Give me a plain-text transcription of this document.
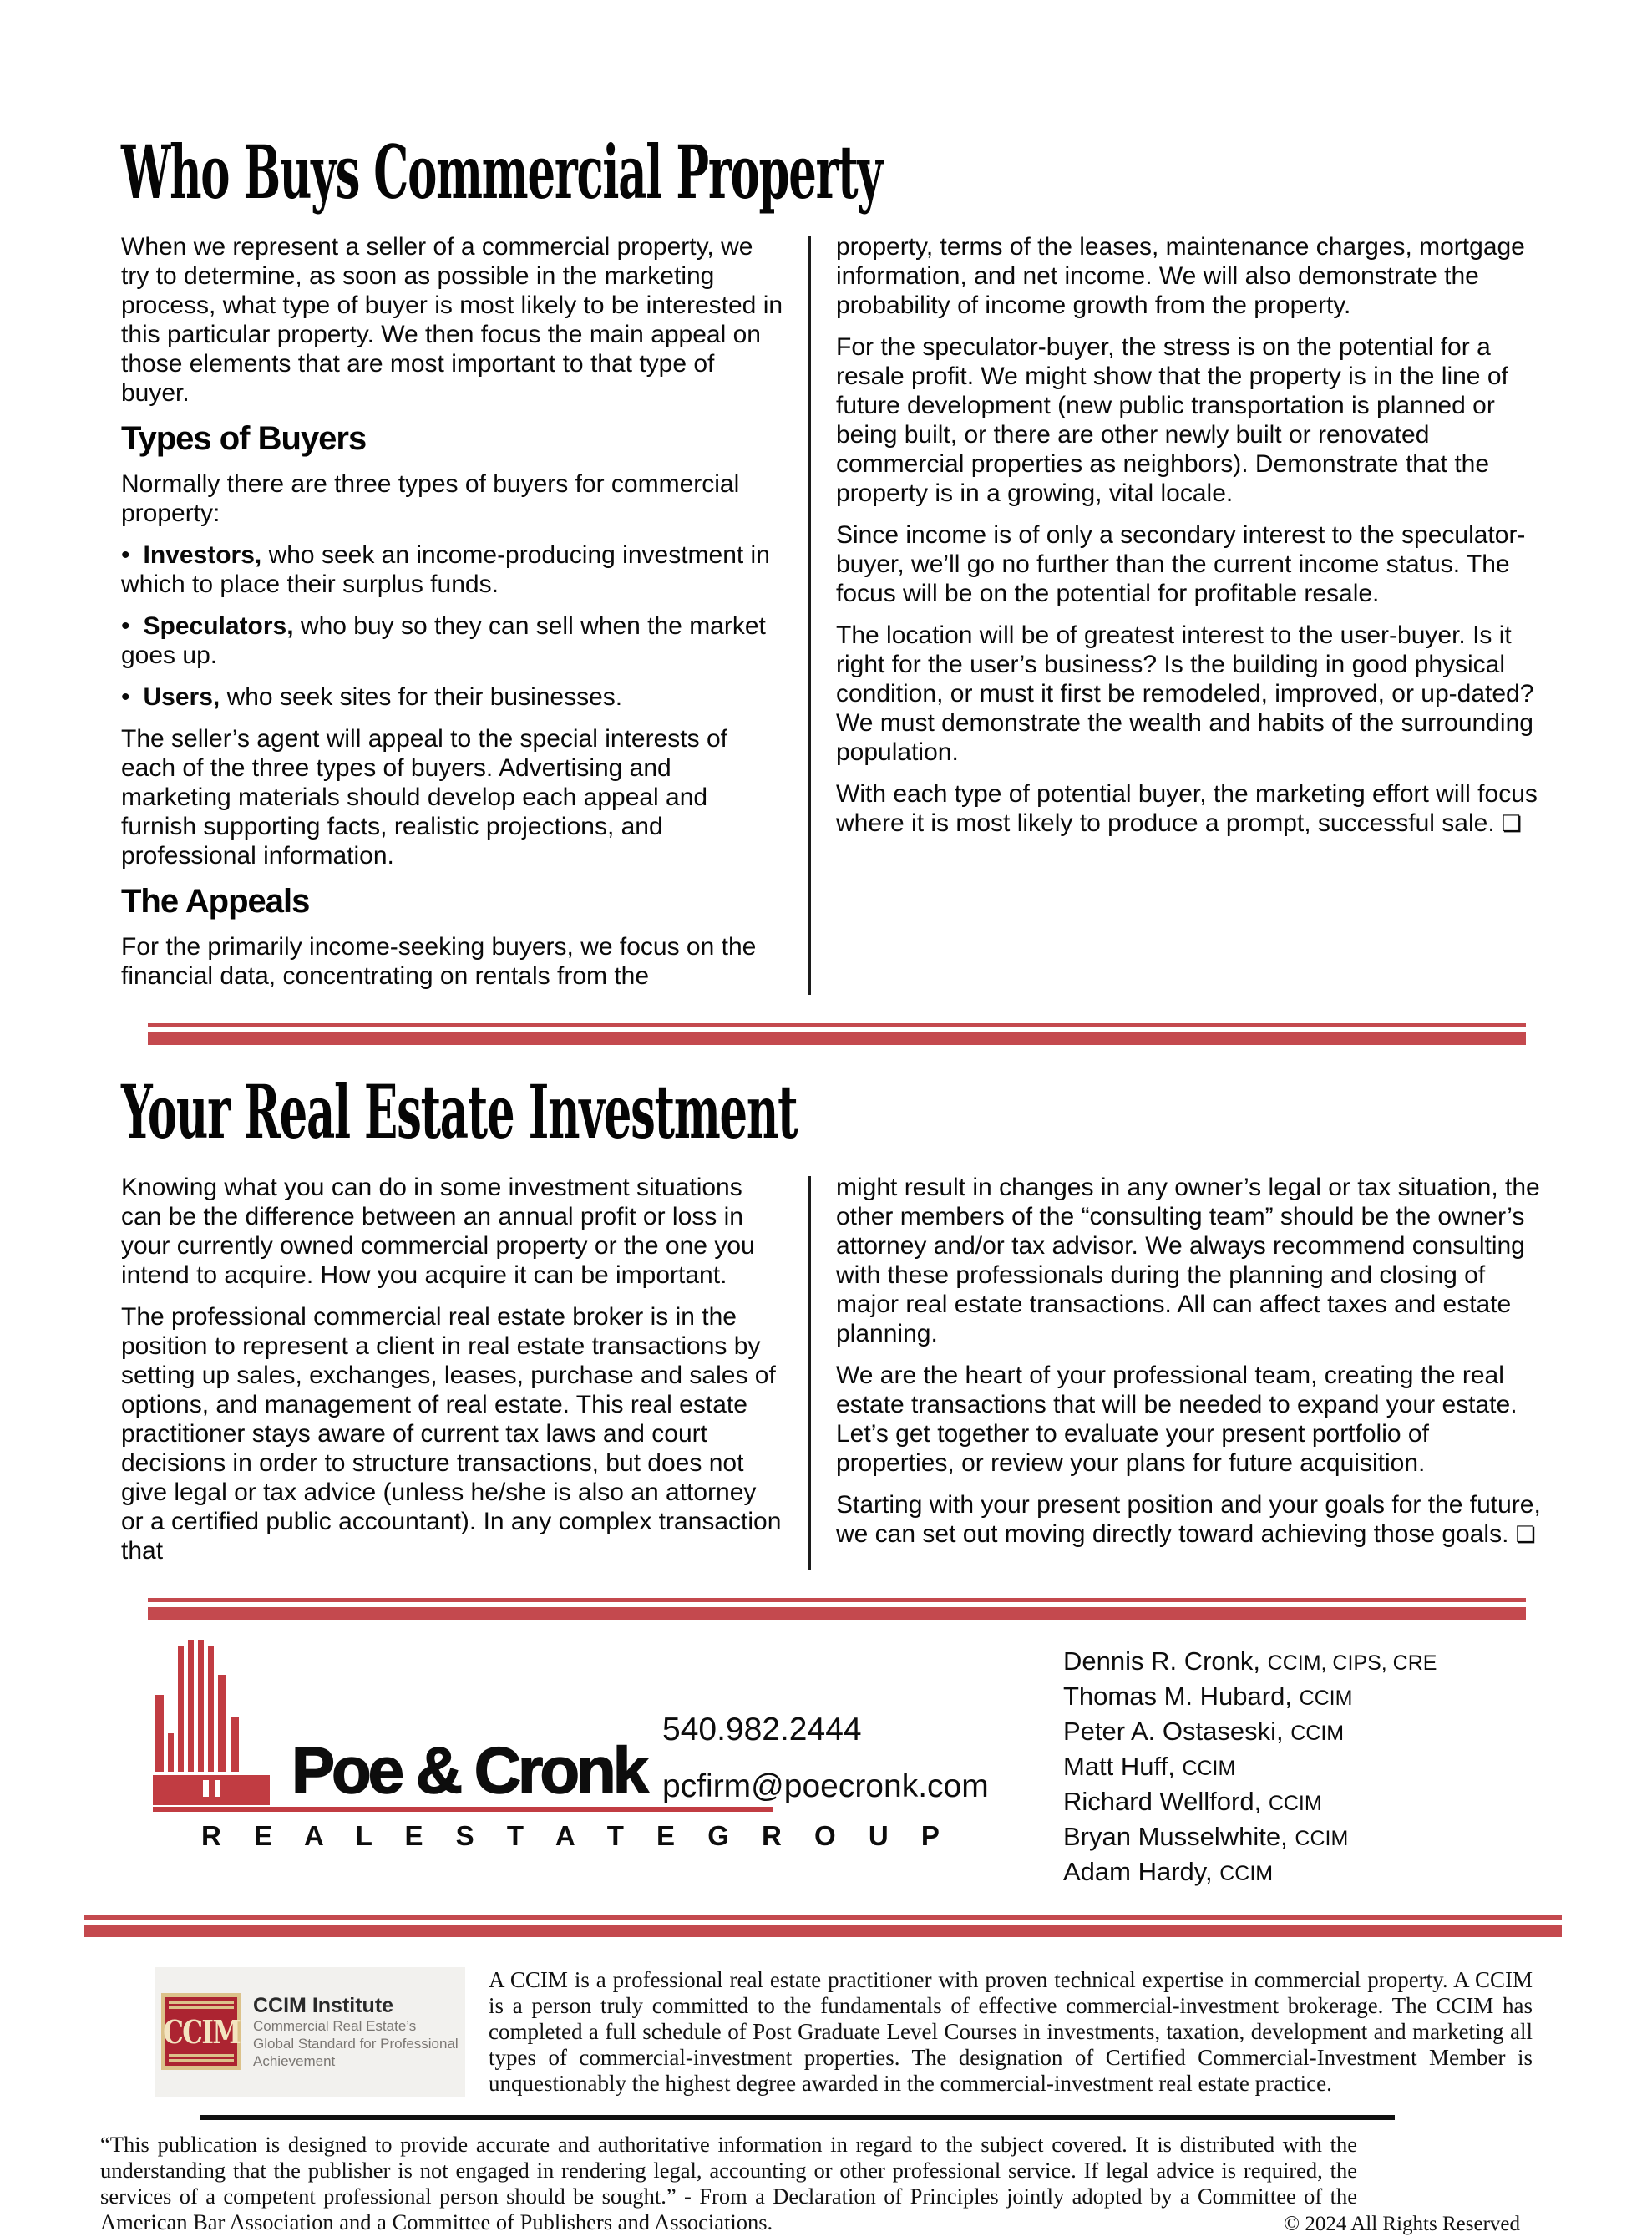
Who Buys Commercial Property

When we represent a seller of a commercial property, we try to determine, as soon as possible in the marketing process, what type of buyer is most likely to be interested in this particular property. We then focus the main appeal on those elements that are most important to that type of buyer.

Types of Buyers

Normally there are three types of buyers for commercial property:

• Investors, who seek an income-producing investment in which to place their surplus funds.

• Speculators, who buy so they can sell when the market goes up.

• Users, who seek sites for their businesses.

The seller’s agent will appeal to the special interests of each of the three types of buyers. Advertising and marketing materials should develop each appeal and furnish supporting facts, realistic projections, and professional information.

The Appeals

For the primarily income-seeking buyers, we focus on the financial data, concentrating on rentals from the

property, terms of the leases, maintenance charges, mortgage information, and net income. We will also demonstrate the probability of income growth from the property.

For the speculator-buyer, the stress is on the potential for a resale profit. We might show that the property is in the line of future development (new public transportation is planned or being built, or there are other newly built or renovated commercial properties as neighbors). Demonstrate that the property is in a growing, vital locale.

Since income is of only a secondary interest to the speculator-buyer, we’ll go no further than the current income status. The focus will be on the potential for profitable resale.

The location will be of greatest interest to the user-buyer. Is it right for the user’s business? Is the building in good physical condition, or must it first be remodeled, improved, or up-dated? We must demonstrate the wealth and habits of the surrounding population.

With each type of potential buyer, the marketing effort will focus where it is most likely to produce a prompt, successful sale. ❏

Your Real Estate Investment

Knowing what you can do in some investment situations can be the difference between an annual profit or loss in your currently owned commercial property or the one you intend to acquire. How you acquire it can be important.

The professional commercial real estate broker is in the position to represent a client in real estate transactions by setting up sales, exchanges, leases, purchase and sales of options, and management of real estate. This real estate practitioner stays aware of current tax laws and court decisions in order to structure transactions, but does not give legal or tax advice (unless he/she is also an attorney or a certified public accountant). In any complex transaction that

might result in changes in any owner’s legal or tax situation, the other members of the “consulting team” should be the owner’s attorney and/or tax advisor. We always recommend consulting with these professionals during the planning and closing of major real estate transactions. All can affect taxes and estate planning.

We are the heart of your professional team, creating the real estate transactions that will be needed to expand your estate. Let’s get together to evaluate your present portfolio of properties, or review your plans for future acquisition.

Starting with your present position and your goals for the future, we can set out moving directly toward achieving those goals. ❏

Poe & Cronk
R E A L E S T A T E G R O U P
540.982.2444
pcfirm@poecronk.com
Dennis R. Cronk, CCIM, CIPS, CRE
Thomas M. Hubard, CCIM
Peter A. Ostaseski, CCIM
Matt Huff, CCIM
Richard Wellford, CCIM
Bryan Musselwhite, CCIM
Adam Hardy, CCIM
CCIM
CCIM Institute
Commercial Real Estate’s
Global Standard for Professional Achievement
A CCIM is a professional real estate practitioner with proven technical expertise in commercial property. A CCIM is a person truly committed to the fundamentals of effective commercial-investment brokerage. The CCIM has completed a full schedule of Post Graduate Level Courses in investments, taxation, development and marketing all types of commercial-investment properties. The designation of Certified Commercial-Investment Member is unquestionably the highest degree awarded in the commercial-investment real estate practice.
“This publication is designed to provide accurate and authoritative information in regard to the subject covered. It is distributed with the understanding that the publisher is not engaged in rendering legal, accounting or other professional service. If legal advice is required, the services of a competent professional person should be sought.” - From a Declaration of Principles jointly adopted by a Committee of the American Bar Association and a Committee of Publishers and Associations.	© 2024 All Rights Reserved
